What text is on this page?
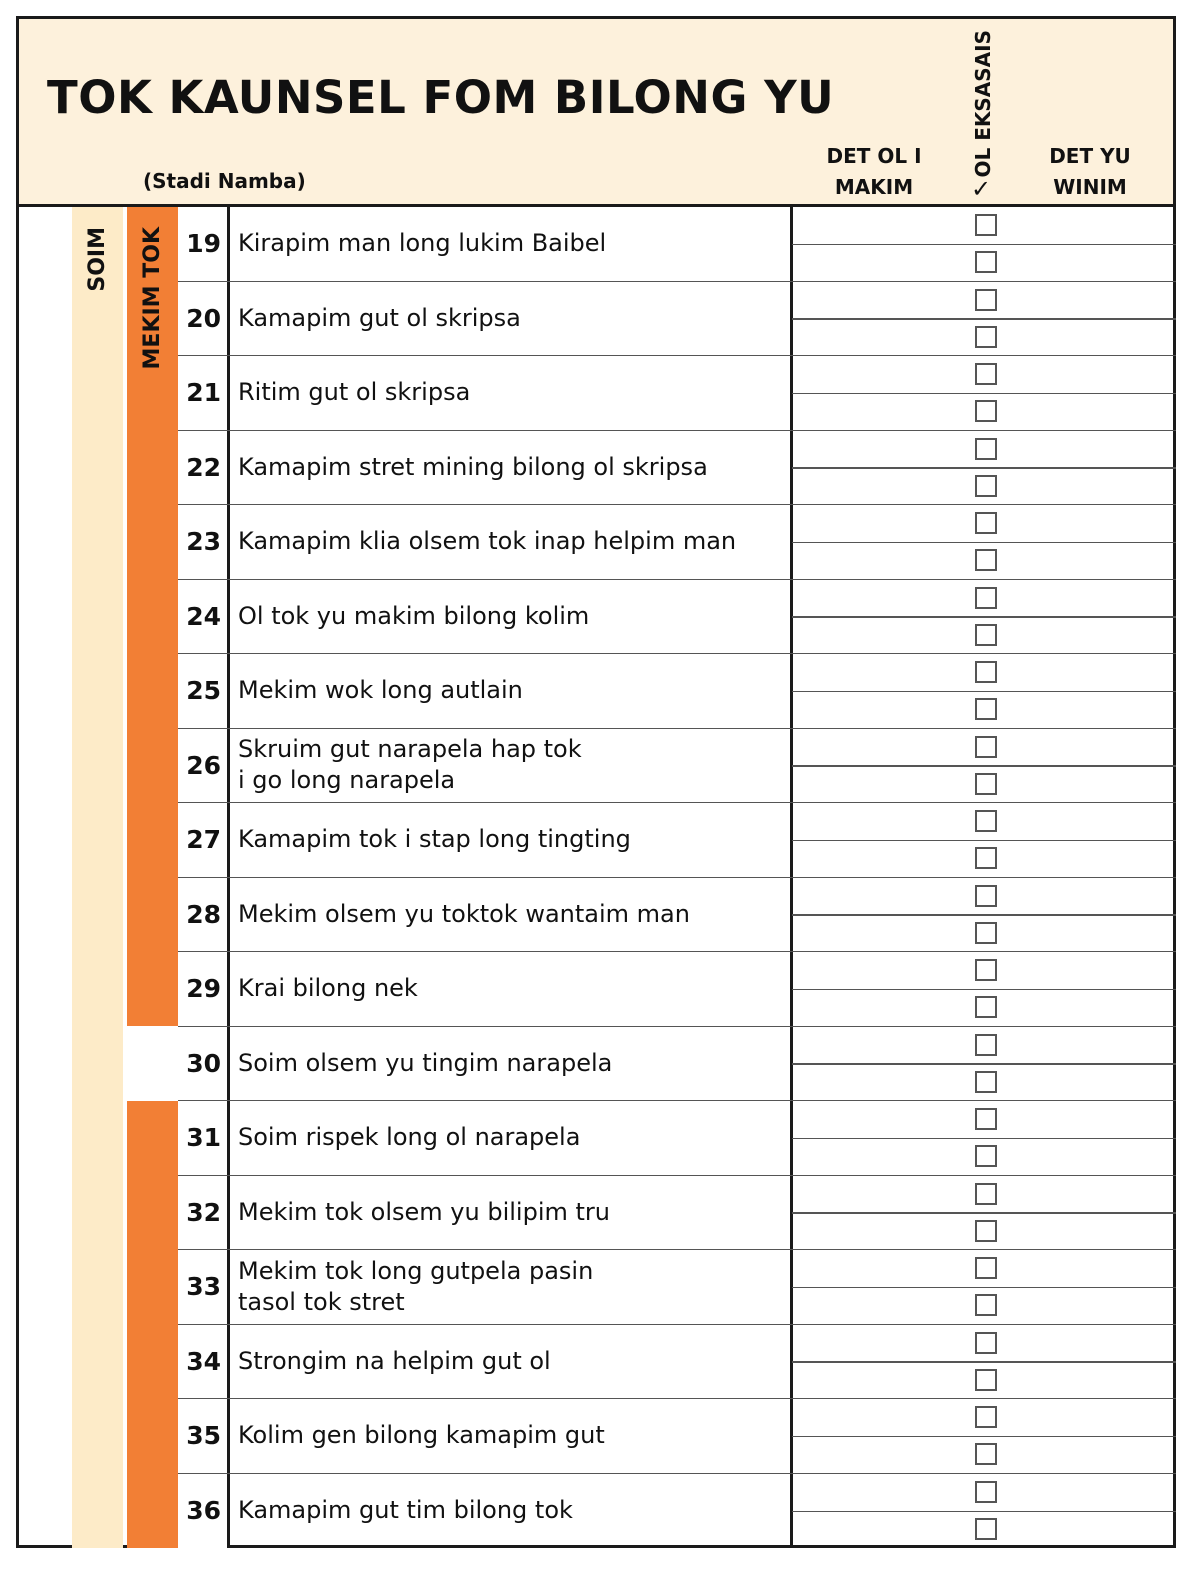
TOK KAUNSEL FOM BILONG YU
(Stadi Namba)
DET OL I
MAKIM
OL EKSASAIS
✓
DET YU
WINIM
SOIM	MEKIM TOK 19 Kirapim man long lukim Baibel
20 Kamapim gut ol skripsa
21 Ritim gut ol skripsa
22 Kamapim stret mining bilong ol skripsa
23 Kamapim klia olsem tok inap helpim man
24 Ol tok yu makim bilong kolim
25 Mekim wok long autlain
26
Skruim gut narapela hap tok
i go long narapela
27 Kamapim tok i stap long tingting
28 Mekim olsem yu toktok wantaim man
29 Krai bilong nek
30 Soim olsem yu tingim narapela
31 Soim rispek long ol narapela
32 Mekim tok olsem yu bilipim tru
33
Mekim tok long gutpela pasin
tasol tok stret
34 Strongim na helpim gut ol
35 Kolim gen bilong kamapim gut
36 Kamapim gut tim bilong tok
